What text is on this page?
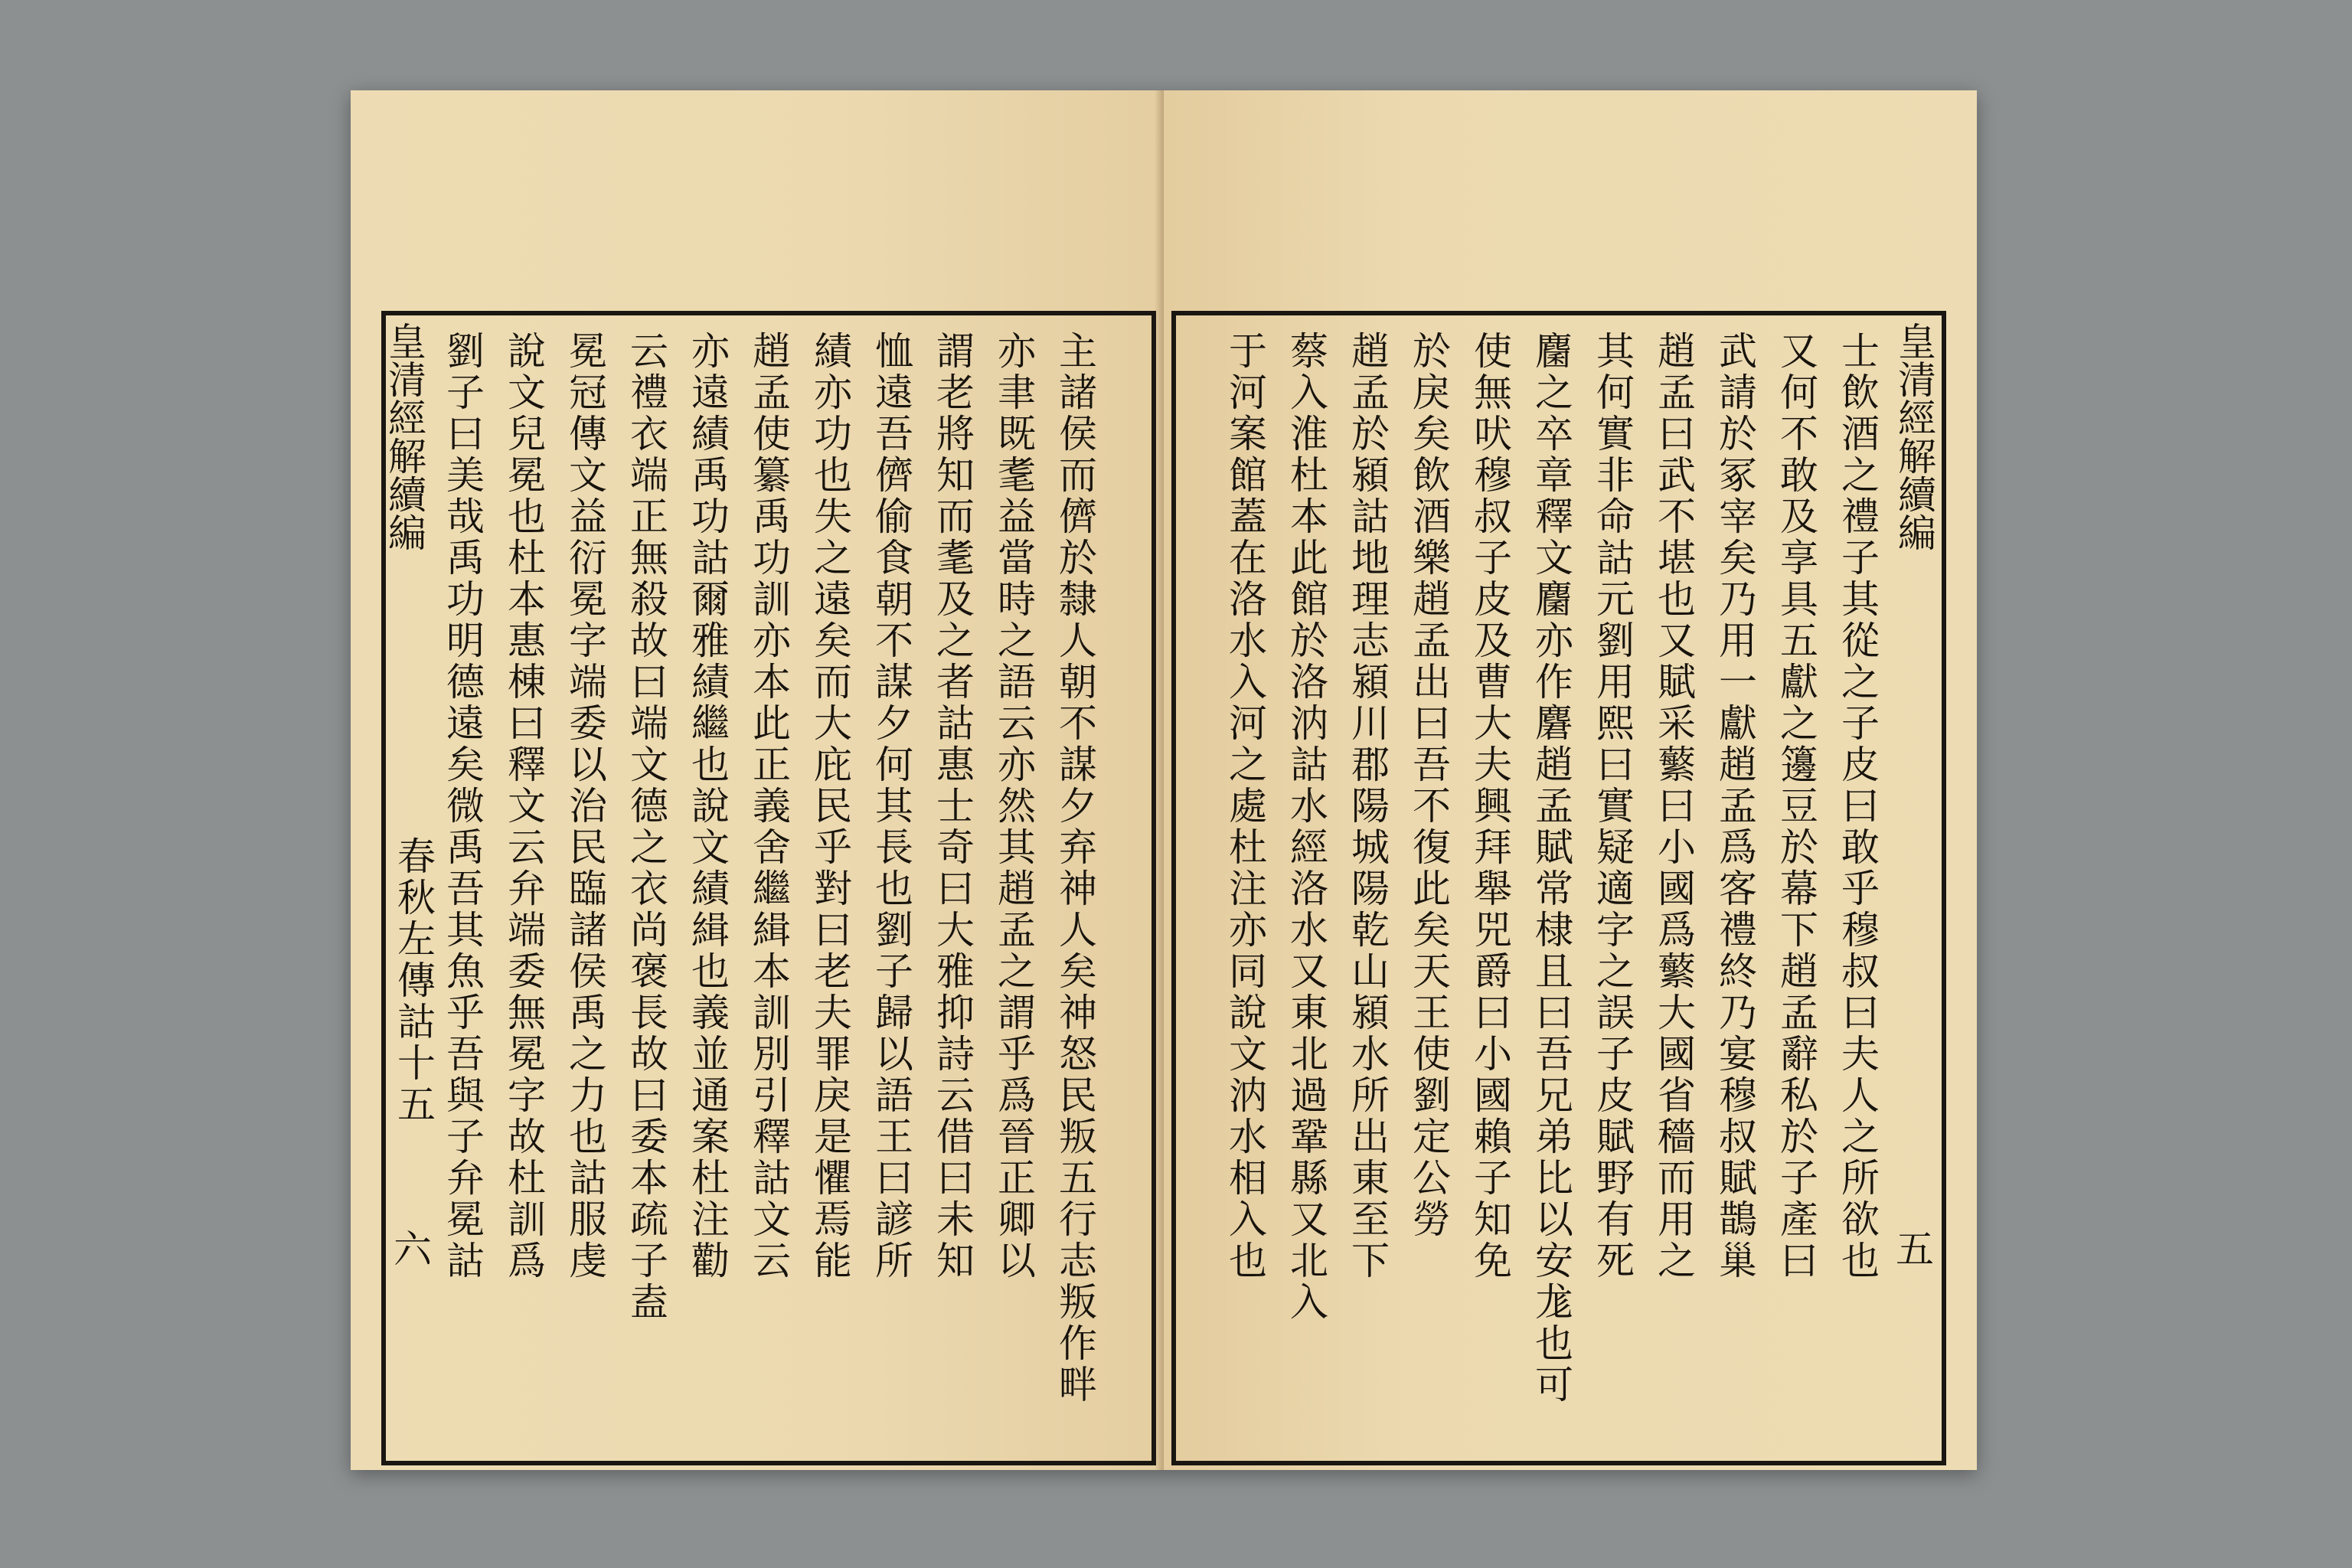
劉子曰美哉禹功明德遠矣微禹吾其魚乎吾與子弁冕詁 說文兒冕也杜本惠棟曰釋文云弁端委無冕字故杜訓爲 冕冠傳文益衍冕字端委以治民臨諸侯禹之力也詁服虔 云禮衣端正無殺故曰端文德之衣尚褒長故曰委本疏子盍 亦遠績禹功詁爾雅績繼也說文績緝也義並通案杜注勸 趙孟使纂禹功訓亦本此正義舍繼緝本訓別引釋詁文云 績亦功也失之遠矣而大庇民乎對曰老夫罪戾是懼焉能 恤遠吾儕偷食朝不謀夕何其長也劉子歸以語王曰諺所 謂老將知而耄及之者詁惠士奇曰大雅抑詩云借曰未知 亦聿既耄益當時之語云亦然其趙孟之謂乎爲晉正卿以 主諸侯而儕於隸人朝不謀夕弃神人矣神怒民叛五行志叛作畔
皇清經解續編
春秋左傳詁十五
六	士飲酒之禮子其從之子皮曰敢乎穆叔曰夫人之所欲也
又何不敢及享具五獻之籩豆於幕下趙孟辭私於子產曰
武請於冢宰矣乃用一獻趙孟爲客禮終乃宴穆叔賦鵲巢
趙孟曰武不堪也又賦采蘩曰小國爲蘩大國省穡而用之
其何實非命詁元劉用熙曰實疑適字之誤子皮賦野有死
麕之卒章釋文麕亦作麏趙孟賦常棣且曰吾兄弟比以安尨也可
使無吠穆叔子皮及曹大夫興拜舉兕爵曰小國賴子知免
於戾矣飲酒樂趙孟出曰吾不復此矣天王使劉定公勞
趙孟於潁詁地理志潁川郡陽城陽乾山潁水所出東至下
蔡入淮杜本此館於洛汭詁水經洛水又東北過鞏縣又北入
于河案館蓋在洛水入河之處杜注亦同說文汭水相入也	皇清經解續編
五
